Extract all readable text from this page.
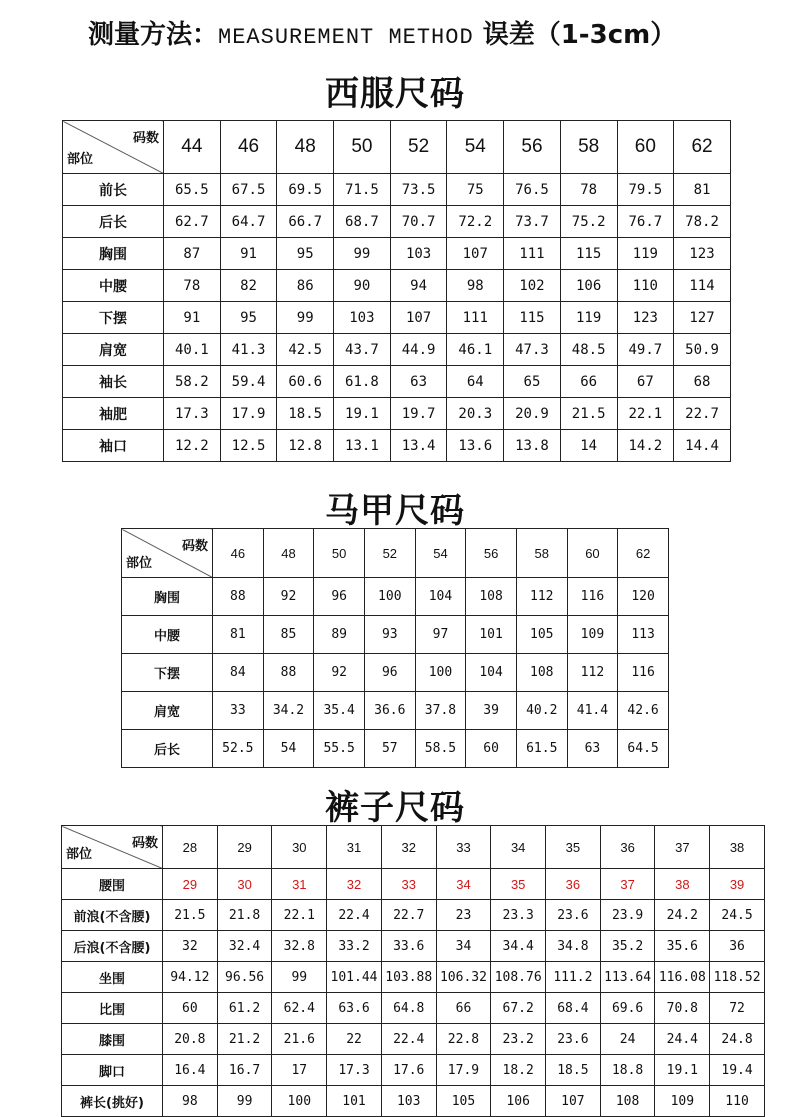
测量方法：MEASUREMENT METHOD 误差（1-3cm）
西服尺码
部位
码数	44	46	48	50	52	54	56	58	60	62
前长	65.5	67.5	69.5	71.5	73.5	75	76.5	78	79.5	81
后长	62.7	64.7	66.7	68.7	70.7	72.2	73.7	75.2	76.7	78.2
胸围	87	91	95	99	103	107	111	115	119	123
中腰	78	82	86	90	94	98	102	106	110	114
下摆	91	95	99	103	107	111	115	119	123	127
肩宽	40.1	41.3	42.5	43.7	44.9	46.1	47.3	48.5	49.7	50.9
袖长	58.2	59.4	60.6	61.8	63	64	65	66	67	68
袖肥	17.3	17.9	18.5	19.1	19.7	20.3	20.9	21.5	22.1	22.7
袖口	12.2	12.5	12.8	13.1	13.4	13.6	13.8	14	14.2	14.4
马甲尺码
部位
码数	46	48	50	52	54	56	58	60	62
胸围	88	92	96	100	104	108	112	116	120
中腰	81	85	89	93	97	101	105	109	113
下摆	84	88	92	96	100	104	108	112	116
肩宽	33	34.2	35.4	36.6	37.8	39	40.2	41.4	42.6
后长	52.5	54	55.5	57	58.5	60	61.5	63	64.5
裤子尺码
部位
码数	28	29	30	31	32	33	34	35	36	37	38
腰围	29	30	31	32	33	34	35	36	37	38	39
前浪(不含腰)	21.5	21.8	22.1	22.4	22.7	23	23.3	23.6	23.9	24.2	24.5
后浪(不含腰)	32	32.4	32.8	33.2	33.6	34	34.4	34.8	35.2	35.6	36
坐围	94.12	96.56	99	101.44	103.88	106.32	108.76	111.2	113.64	116.08	118.52
比围	60	61.2	62.4	63.6	64.8	66	67.2	68.4	69.6	70.8	72
膝围	20.8	21.2	21.6	22	22.4	22.8	23.2	23.6	24	24.4	24.8
脚口	16.4	16.7	17	17.3	17.6	17.9	18.2	18.5	18.8	19.1	19.4
裤长(挑好)	98	99	100	101	103	105	106	107	108	109	110
